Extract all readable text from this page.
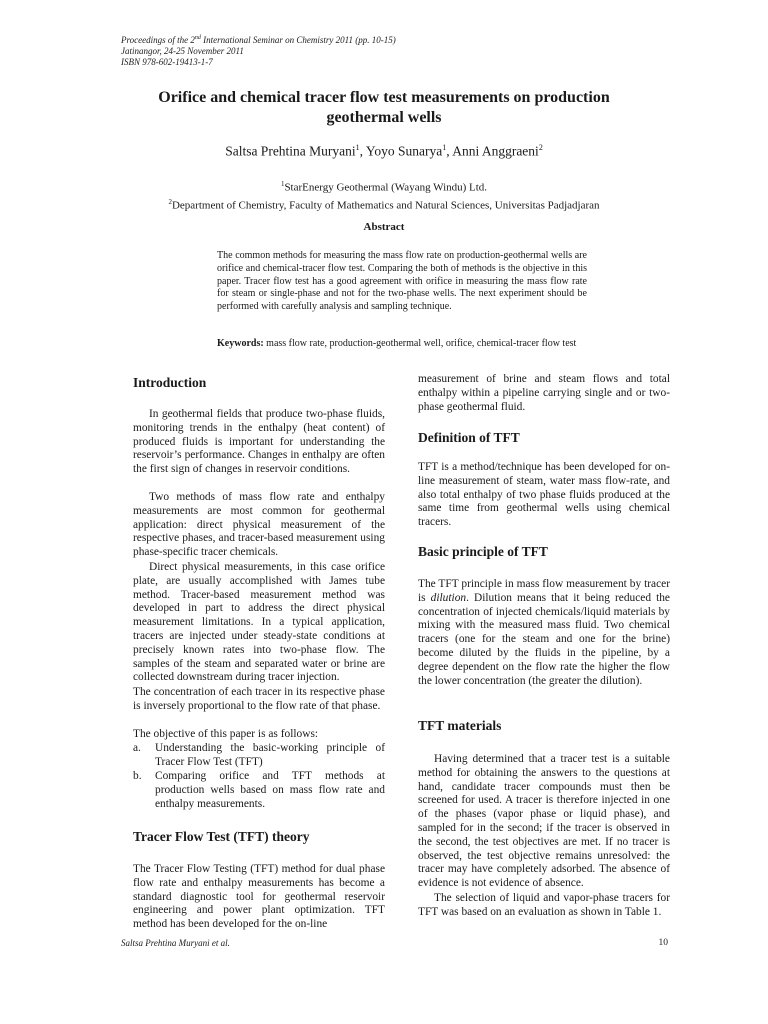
Proceedings of the 2nd International Seminar on Chemistry 2011 (pp. 10-15)
Jatinangor, 24-25 November 2011
ISBN 978-602-19413-1-7
Orifice and chemical tracer flow test measurements on production
geothermal wells
Saltsa Prehtina Muryani$^1$, Yoyo Sunarya$^1$, Anni Anggraeni$^2$
$^1$StarEnergy Geothermal (Wayang Windu) Ltd.
$^2$Department of Chemistry, Faculty of Mathematics and Natural Sciences, Universitas Padjadjaran
Abstract
The common methods for measuring the mass flow rate on production-geothermal wells are orifice and chemical-tracer flow test. Comparing the both of methods is the objective in this paper. Tracer flow test has a good agreement with orifice in measuring the mass flow rate for steam or single-phase and not for the two-phase wells. The next experiment should be performed with carefully analysis and sampling technique.
Keywords: mass flow rate, production-geothermal well, orifice, chemical-tracer flow test
Introduction
In geothermal fields that produce two-phase fluids, monitoring trends in the enthalpy (heat content) of produced fluids is important for understanding the reservoir’s performance. Changes in enthalpy are often the first sign of changes in reservoir conditions.
Two methods of mass flow rate and enthalpy measurements are most common for geothermal application: direct physical measurement of the respective phases, and tracer-based measurement using phase-specific tracer chemicals.
Direct physical measurements, in this case orifice plate, are usually accomplished with James tube method. Tracer-based measurement method was developed in part to address the direct physical measurement limitations. In a typical application, tracers are injected under steady-state conditions at precisely known rates into two-phase flow. The samples of the steam and separated water or brine are collected downstream during tracer injection.
The concentration of each tracer in its respective phase is inversely proportional to the flow rate of that phase.
The objective of this paper is as follows:
a. Understanding the basic-working principle of Tracer Flow Test (TFT)
b. Comparing orifice and TFT methods at production wells based on mass flow rate and enthalpy measurements.
Tracer Flow Test (TFT) theory
The Tracer Flow Testing (TFT) method for dual phase flow rate and enthalpy measurements has become a standard diagnostic tool for geothermal reservoir engineering and power plant optimization. TFT method has been developed for the on-line
measurement of brine and steam flows and total enthalpy within a pipeline carrying single and or two-phase geothermal fluid.
Definition of TFT
TFT is a method/technique has been developed for on-line measurement of steam, water mass flow-rate, and also total enthalpy of two phase fluids produced at the same time from geothermal wells using chemical tracers.
Basic principle of TFT
The TFT principle in mass flow measurement by tracer is dilution. Dilution means that it being reduced the concentration of injected chemicals/liquid materials by mixing with the measured mass fluid. Two chemical tracers (one for the steam and one for the brine) become diluted by the fluids in the pipeline, by a degree dependent on the flow rate the higher the flow the lower concentration (the greater the dilution).
TFT materials
Having determined that a tracer test is a suitable method for obtaining the answers to the questions at hand, candidate tracer compounds must then be screened for used. A tracer is therefore injected in one of the phases (vapor phase or liquid phase), and sampled for in the second; if the tracer is observed in the second, the test objectives are met. If no tracer is observed, the test objective remains unresolved: the tracer may have completely adsorbed. The absence of evidence is not evidence of absence.
The selection of liquid and vapor-phase tracers for TFT was based on an evaluation as shown in Table 1.
Saltsa Prehtina Muryani et al.	10
